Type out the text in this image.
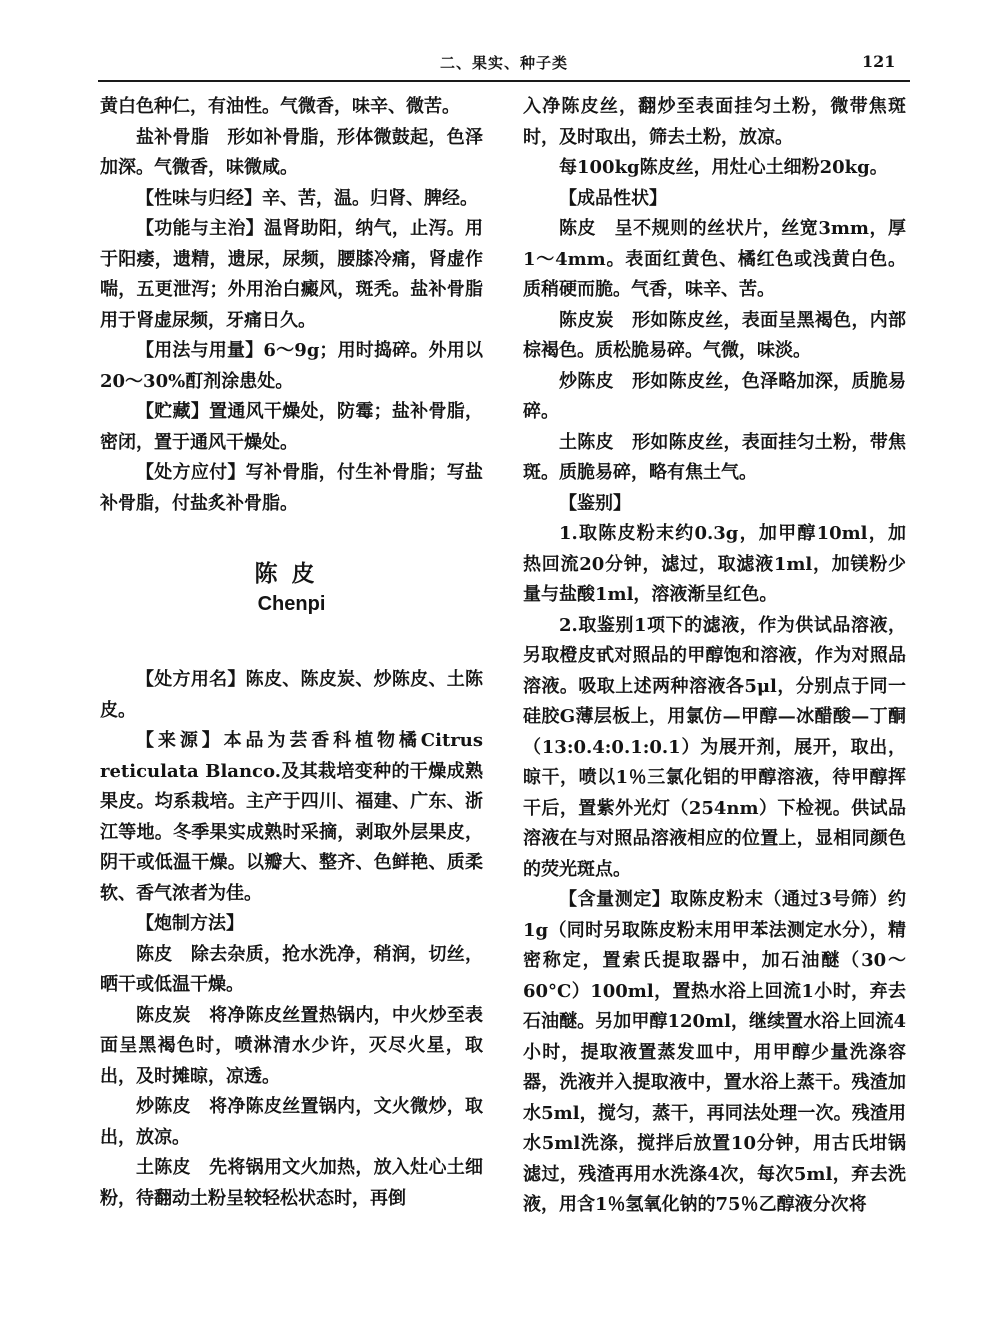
二、果实、种子类	121

黄白色种仁，有油性。气微香，味辛、微苦。

盐补骨脂　形如补骨脂，形体微鼓起，色泽加深。气微香，味微咸。

【性味与归经】辛、苦，温。归肾、脾经。

【功能与主治】温肾助阳，纳气，止泻。用于阳痿，遗精，遗尿，尿频，腰膝冷痛，肾虚作喘，五更泄泻；外用治白癜风，斑秃。盐补骨脂用于肾虚尿频，牙痛日久。

【用法与用量】6～9g；用时捣碎。外用以20～30%酊剂涂患处。

【贮藏】置通风干燥处，防霉；盐补骨脂，密闭，置于通风干燥处。

【处方应付】写补骨脂，付生补骨脂；写盐补骨脂，付盐炙补骨脂。

陈皮
Chenpi

【处方用名】陈皮、陈皮炭、炒陈皮、土陈皮。

【来源】本品为芸香科植物橘Citrus reticulata Blanco.及其栽培变种的干燥成熟果皮。均系栽培。主产于四川、福建、广东、浙江等地。冬季果实成熟时采摘，剥取外层果皮，阴干或低温干燥。以瓣大、整齐、色鲜艳、质柔软、香气浓者为佳。

【炮制方法】

陈皮　除去杂质，抢水洗净，稍润，切丝，晒干或低温干燥。

陈皮炭　将净陈皮丝置热锅内，中火炒至表面呈黑褐色时，喷淋清水少许，灭尽火星，取出，及时摊晾，凉透。

炒陈皮　将净陈皮丝置锅内，文火微炒，取出，放凉。

土陈皮　先将锅用文火加热，放入灶心土细粉，待翻动土粉呈较轻松状态时，再倒

入净陈皮丝，翻炒至表面挂匀土粉，微带焦斑时，及时取出，筛去土粉，放凉。

每100kg陈皮丝，用灶心土细粉20kg。

【成品性状】

陈皮　呈不规则的丝状片，丝宽3mm，厚1～4mm。表面红黄色、橘红色或浅黄白色。质稍硬而脆。气香，味辛、苦。

陈皮炭　形如陈皮丝，表面呈黑褐色，内部棕褐色。质松脆易碎。气微，味淡。

炒陈皮　形如陈皮丝，色泽略加深，质脆易碎。

土陈皮　形如陈皮丝，表面挂匀土粉，带焦斑。质脆易碎，略有焦土气。

【鉴别】

1.取陈皮粉末约0.3g，加甲醇10ml，加热回流20分钟，滤过，取滤液1ml，加镁粉少量与盐酸1ml，溶液渐呈红色。

2.取鉴别1项下的滤液，作为供试品溶液，另取橙皮甙对照品的甲醇饱和溶液，作为对照品溶液。吸取上述两种溶液各5μl，分别点于同一硅胶G薄层板上，用氯仿—甲醇—冰醋酸—丁酮（13:0.4:0.1:0.1）为展开剂，展开，取出，晾干，喷以1％三氯化铝的甲醇溶液，待甲醇挥干后，置紫外光灯（254nm）下检视。供试品溶液在与对照品溶液相应的位置上，显相同颜色的荧光斑点。

【含量测定】取陈皮粉末（通过3号筛）约1g（同时另取陈皮粉末用甲苯法测定水分），精密称定，置索氏提取器中，加石油醚（30～60°C）100ml，置热水浴上回流1小时，弃去石油醚。另加甲醇120ml，继续置水浴上回流4小时，提取液置蒸发皿中，用甲醇少量洗涤容器，洗液并入提取液中，置水浴上蒸干。残渣加水5ml，搅匀，蒸干，再同法处理一次。残渣用水5ml洗涤，搅拌后放置10分钟，用古氏坩锅滤过，残渣再用水洗涤4次，每次5ml，弃去洗液，用含1％氢氧化钠的75％乙醇液分次将
